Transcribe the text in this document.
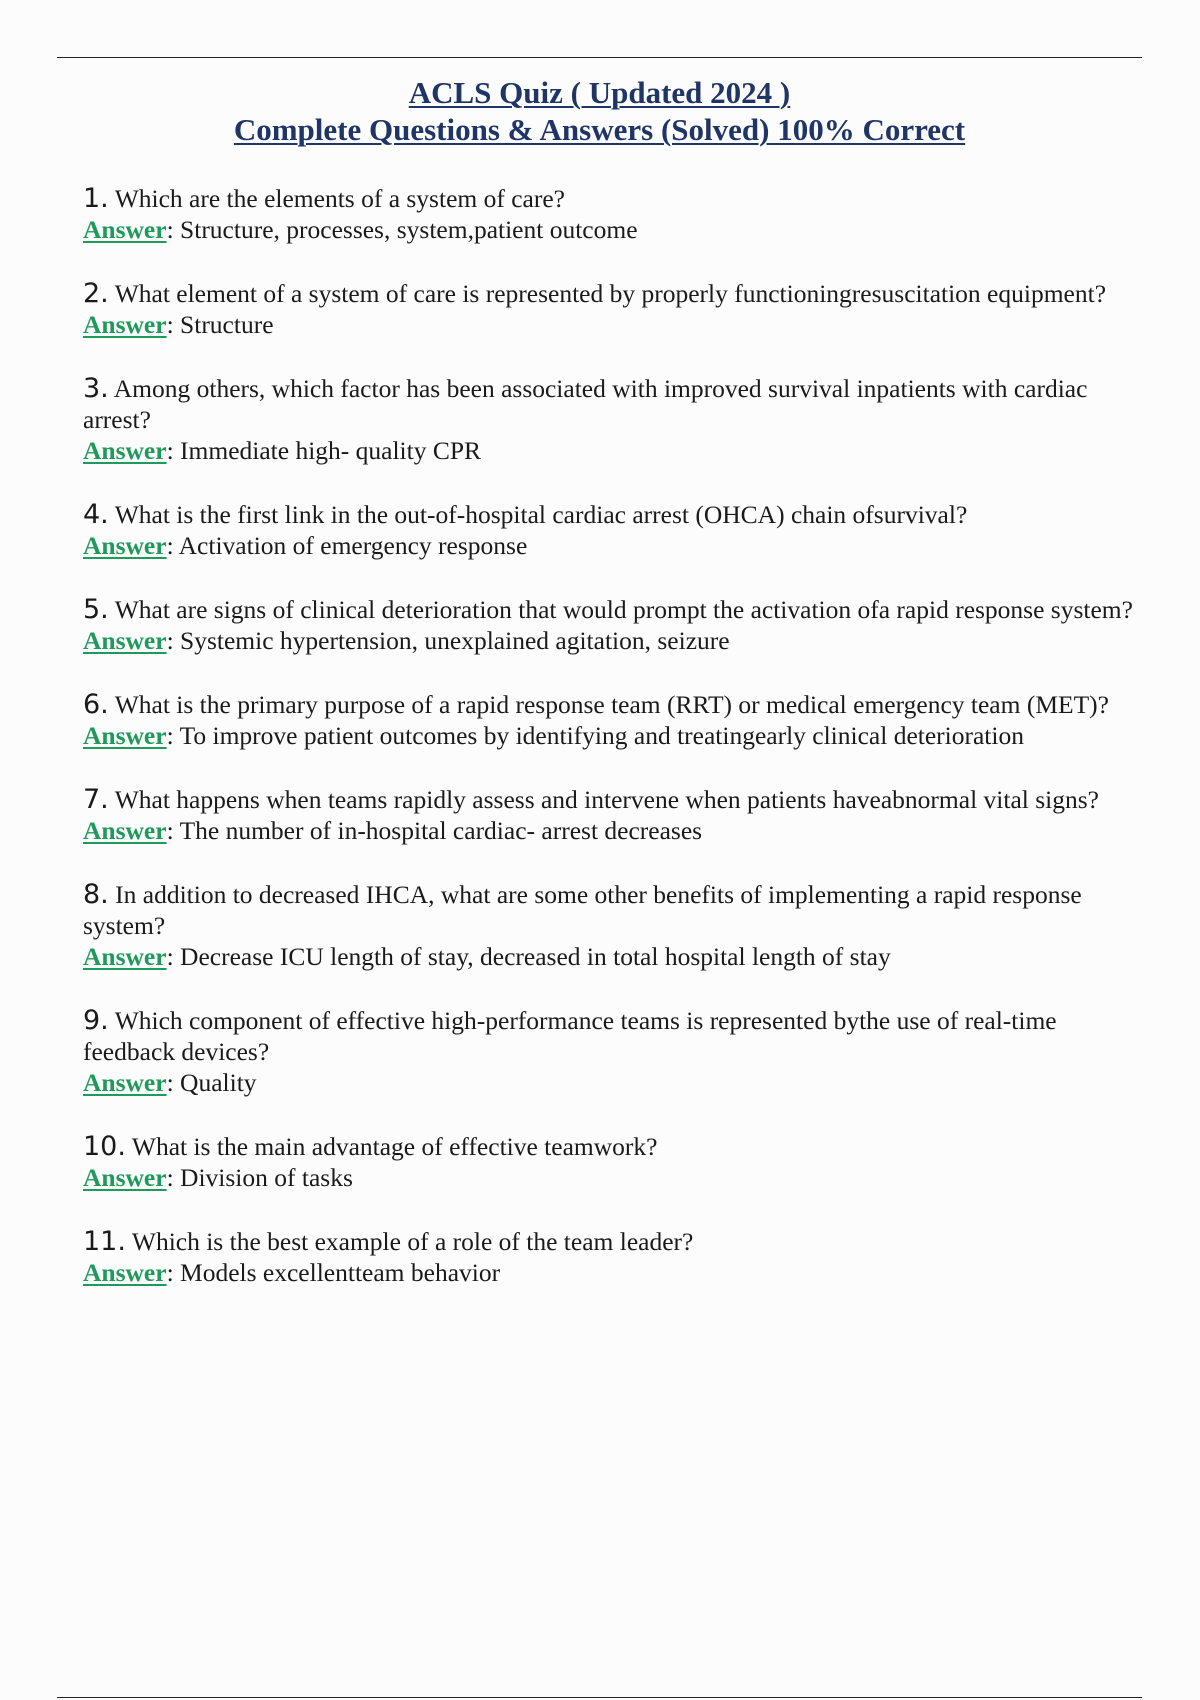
ACLS Quiz ( Updated 2024 )
Complete Questions & Answers (Solved) 100% Correct
1. Which are the elements of a system of care?
Answer: Structure, processes, system,patient outcome
2. What element of a system of care is represented by properly functioningresuscitation equipment?
Answer: Structure
3. Among others, which factor has been associated with improved survival inpatients with cardiac arrest?
Answer: Immediate high- quality CPR
4. What is the first link in the out-of-hospital cardiac arrest (OHCA) chain ofsurvival?
Answer: Activation of emergency response
5. What are signs of clinical deterioration that would prompt the activation ofa rapid response system?
Answer: Systemic hypertension, unexplained agitation, seizure
6. What is the primary purpose of a rapid response team (RRT) or medical emergency team (MET)?
Answer: To improve patient outcomes by identifying and treatingearly clinical deterioration
7. What happens when teams rapidly assess and intervene when patients haveabnormal vital signs?
Answer: The number of in-hospital cardiac- arrest decreases
8. In addition to decreased IHCA, what are some other benefits of implementing a rapid response system?
Answer: Decrease ICU length of stay, decreased in total hospital length of stay
9. Which component of effective high-performance teams is represented bythe use of real-time feedback devices?
Answer: Quality
10. What is the main advantage of effective teamwork?
Answer: Division of tasks
11. Which is the best example of a role of the team leader?
Answer: Models excellentteam behavior
